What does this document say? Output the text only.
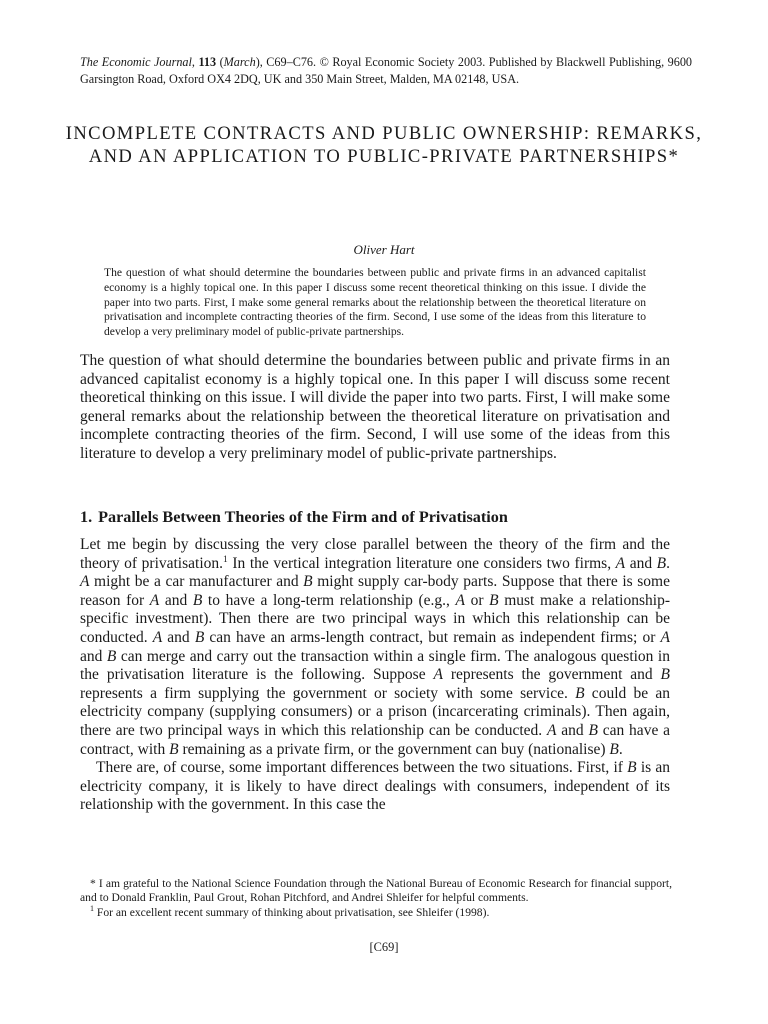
The Economic Journal, 113 (March), C69–C76. © Royal Economic Society 2003. Published by Blackwell Publishing, 9600 Garsington Road, Oxford OX4 2DQ, UK and 350 Main Street, Malden, MA 02148, USA.
INCOMPLETE CONTRACTS AND PUBLIC OWNERSHIP: REMARKS, AND AN APPLICATION TO PUBLIC-PRIVATE PARTNERSHIPS*
Oliver Hart

The question of what should determine the boundaries between public and private firms in an advanced capitalist economy is a highly topical one. In this paper I discuss some recent theoretical thinking on this issue. I divide the paper into two parts. First, I make some general remarks about the relationship between the theoretical literature on privatisation and incomplete contracting theories of the firm. Second, I use some of the ideas from this literature to develop a very preliminary model of public-private partnerships.

The question of what should determine the boundaries between public and private firms in an advanced capitalist economy is a highly topical one. In this paper I will discuss some recent theoretical thinking on this issue. I will divide the paper into two parts. First, I will make some general remarks about the relationship between the theoretical literature on privatisation and incomplete contracting theories of the firm. Second, I will use some of the ideas from this literature to develop a very preliminary model of public-private partnerships.

1. Parallels Between Theories of the Firm and of Privatisation

Let me begin by discussing the very close parallel between the theory of the firm and the theory of privatisation.$^1$ In the vertical integration literature one considers two firms, A and B. A might be a car manufacturer and B might supply car-body parts. Suppose that there is some reason for A and B to have a long-term relationship (e.g., A or B must make a relationship-specific investment). Then there are two principal ways in which this relationship can be conducted. A and B can have an arms-length contract, but remain as independent firms; or A and B can merge and carry out the transaction within a single firm. The analogous question in the privatisation literature is the following. Suppose A represents the government and B represents a firm supplying the government or society with some service. B could be an electricity company (supplying consumers) or a prison (incarcerating criminals). Then again, there are two principal ways in which this relationship can be conducted. A and B can have a contract, with B remaining as a private firm, or the government can buy (nationalise) B.

There are, of course, some important differences between the two situations. First, if B is an electricity company, it is likely to have direct dealings with consumers, independent of its relationship with the government. In this case the

* I am grateful to the National Science Foundation through the National Bureau of Economic Research for financial support, and to Donald Franklin, Paul Grout, Rohan Pitchford, and Andrei Shleifer for helpful comments.

$^1$ For an excellent recent summary of thinking about privatisation, see Shleifer (1998).

[C69]
